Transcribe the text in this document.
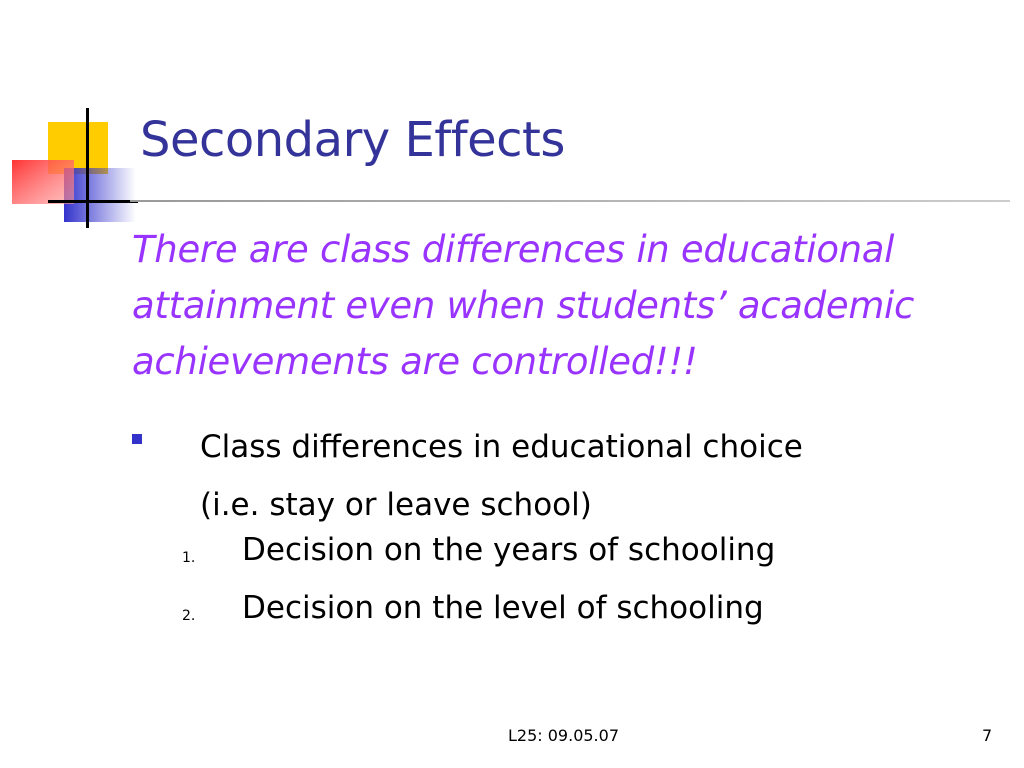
Secondary Effects

There are class differences in educational attainment even when students’ academic achievements are controlled!!!

Class differences in educational choice
(i.e. stay or leave school)
1. Decision on the years of schooling
2. Decision on the level of schooling
L25: 09.05.07	7
